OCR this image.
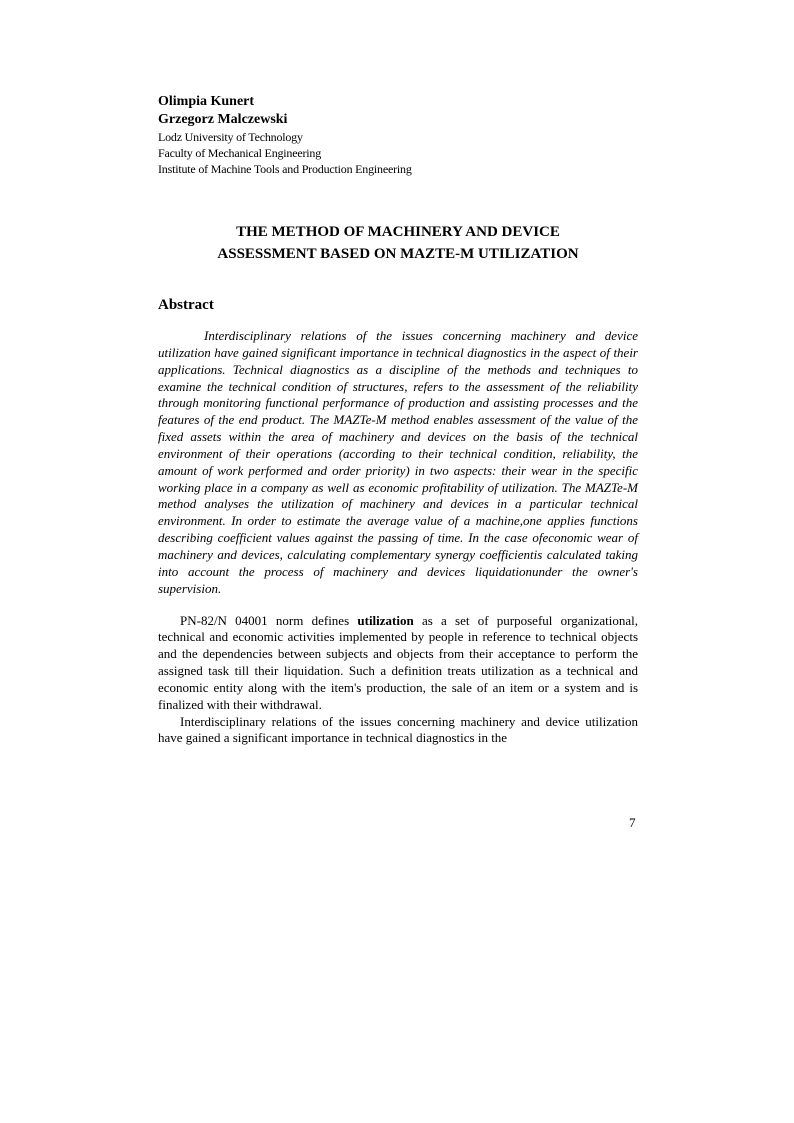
Olimpia Kunert
Grzegorz Malczewski
Lodz University of Technology
Faculty of Mechanical Engineering
Institute of Machine Tools and Production Engineering
THE METHOD OF MACHINERY AND DEVICE
ASSESSMENT BASED ON MAZTE-M UTILIZATION
Abstract
Interdisciplinary relations of the issues concerning machinery and device utilization have gained significant importance in technical diagnostics in the aspect of their applications. Technical diagnostics as a discipline of the methods and techniques to examine the technical condition of structures, refers to the assessment of the reliability through monitoring functional performance of production and assisting processes and the features of the end product. The MAZTe-M method enables assessment of the value of the fixed assets within the area of machinery and devices on the basis of the technical environment of their operations (according to their technical condition, reliability, the amount of work performed and order priority) in two aspects: their wear in the specific working place in a company as well as economic profitability of utilization. The MAZTe-M method analyses the utilization of machinery and devices in a particular technical environment. In order to estimate the average value of a machine,one applies functions describing coefficient values against the passing of time. In the case ofeconomic wear of machinery and devices, calculating complementary synergy coefficientis calculated taking into account the process of machinery and devices liquidationunder the owner's supervision.

PN-82/N 04001 norm defines utilization as a set of purposeful organizational, technical and economic activities implemented by people in reference to technical objects and the dependencies between subjects and objects from their acceptance to perform the assigned task till their liquidation. Such a definition treats utilization as a technical and economic entity along with the item's production, the sale of an item or a system and is finalized with their withdrawal.

Interdisciplinary relations of the issues concerning machinery and device utilization have gained a significant importance in technical diagnostics in the

7
